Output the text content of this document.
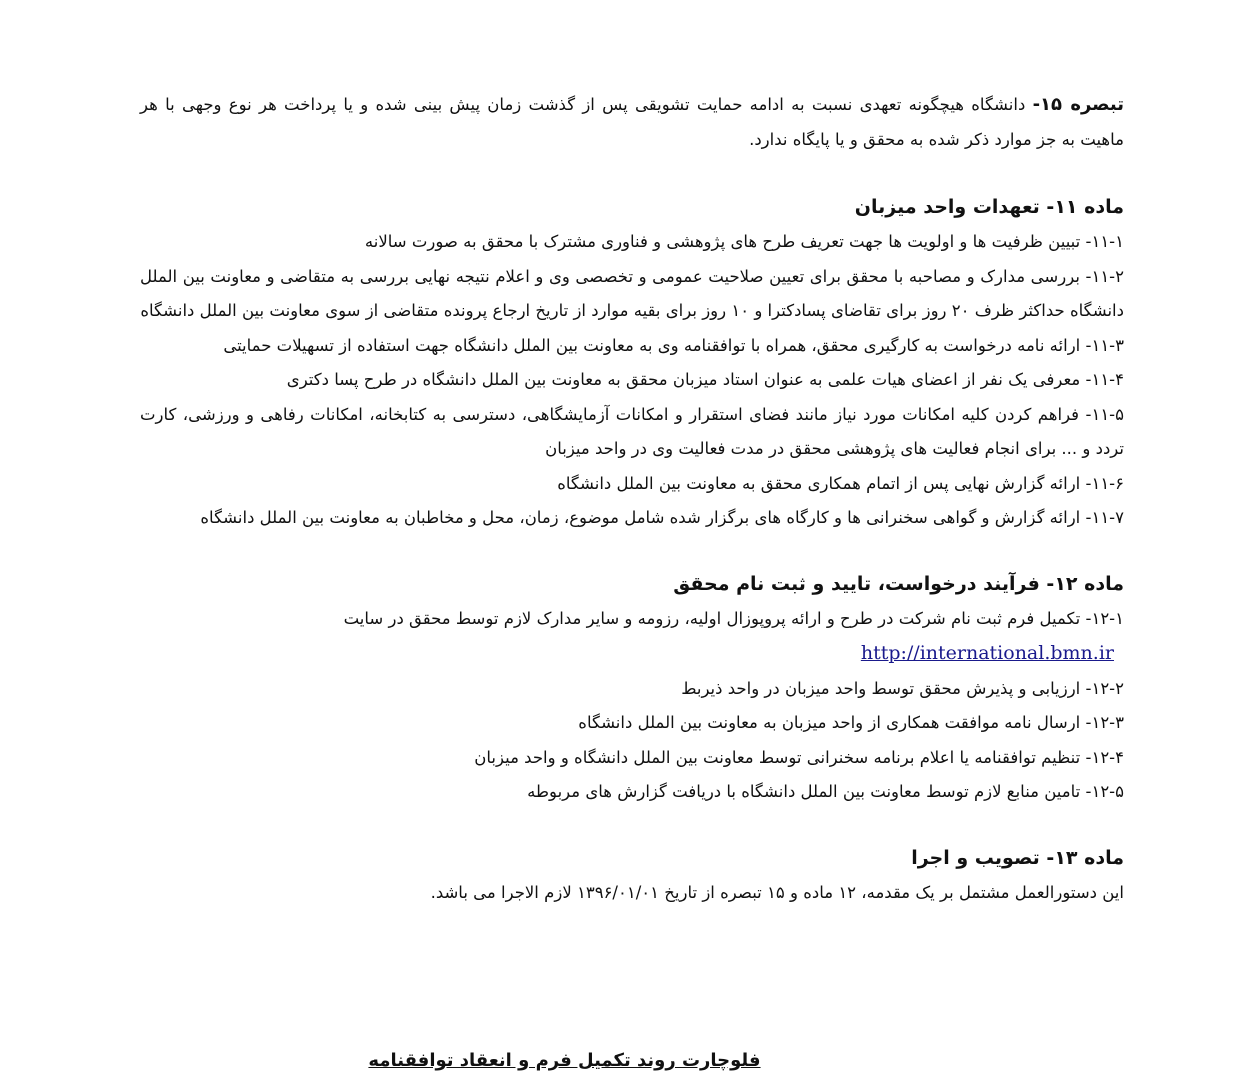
تبصره ۱۵- دانشگاه هیچگونه تعهدی نسبت به ادامه حمایت تشویقی پس از گذشت زمان پیش بینی شده و یا پرداخت هر نوع وجهی با هر ماهیت به جز موارد ذکر شده به محقق و یا پایگاه ندارد.

ماده ۱۱- تعهدات واحد میزبان

۱۱-۱- تبیین ظرفیت ها و اولویت ها جهت تعریف طرح های پژوهشی و فناوری مشترک با محقق به صورت سالانه

۱۱-۲- بررسی مدارک و مصاحبه با محقق برای تعیین صلاحیت عمومی و تخصصی وی و اعلام نتیجه نهایی بررسی به متقاضی و معاونت بین الملل دانشگاه حداکثر ظرف ۲۰ روز برای تقاضای پسادکترا و ۱۰ روز برای بقیه موارد از تاریخ ارجاع پرونده متقاضی از سوی معاونت بین الملل دانشگاه

۱۱-۳- ارائه نامه درخواست به کارگیری محقق، همراه با توافقنامه وی به معاونت بین الملل دانشگاه جهت استفاده از تسهیلات حمایتی

۱۱-۴- معرفی یک نفر از اعضای هیات علمی به عنوان استاد میزبان محقق به معاونت بین الملل دانشگاه در طرح پسا دکتری

۱۱-۵- فراهم کردن کلیه امکانات مورد نیاز مانند فضای استقرار و امکانات آزمایشگاهی، دسترسی به کتابخانه، امکانات رفاهی و ورزشی، کارت تردد و ... برای انجام فعالیت های پژوهشی محقق در مدت فعالیت وی در واحد میزبان

۱۱-۶- ارائه گزارش نهایی پس از اتمام همکاری محقق به معاونت بین الملل دانشگاه

۱۱-۷- ارائه گزارش و گواهی سخنرانی ها و کارگاه های برگزار شده شامل موضوع، زمان، محل و مخاطبان به معاونت بین الملل دانشگاه

ماده ۱۲- فرآیند درخواست، تایید و ثبت نام محقق

۱۲-۱- تکمیل فرم ثبت نام شرکت در طرح و ارائه پروپوزال اولیه، رزومه و سایر مدارک لازم توسط محقق در سایت

http://international.bmn.ir

۱۲-۲- ارزیابی و پذیرش محقق توسط واحد میزبان در واحد ذیربط

۱۲-۳- ارسال نامه موافقت همکاری از واحد میزبان به معاونت بین الملل دانشگاه

۱۲-۴- تنظیم توافقنامه یا اعلام برنامه سخنرانی توسط معاونت بین الملل دانشگاه و واحد میزبان

۱۲-۵- تامین منابع لازم توسط معاونت بین الملل دانشگاه با دریافت گزارش های مربوطه

ماده ۱۳- تصویب و اجرا

این دستورالعمل مشتمل بر یک مقدمه، ۱۲ ماده و ۱۵ تبصره از تاریخ ۱۳۹۶/۰۱/۰۱ لازم الاجرا می باشد.

فلوچارت روند تکمیل فرم و انعقاد توافقنامه
